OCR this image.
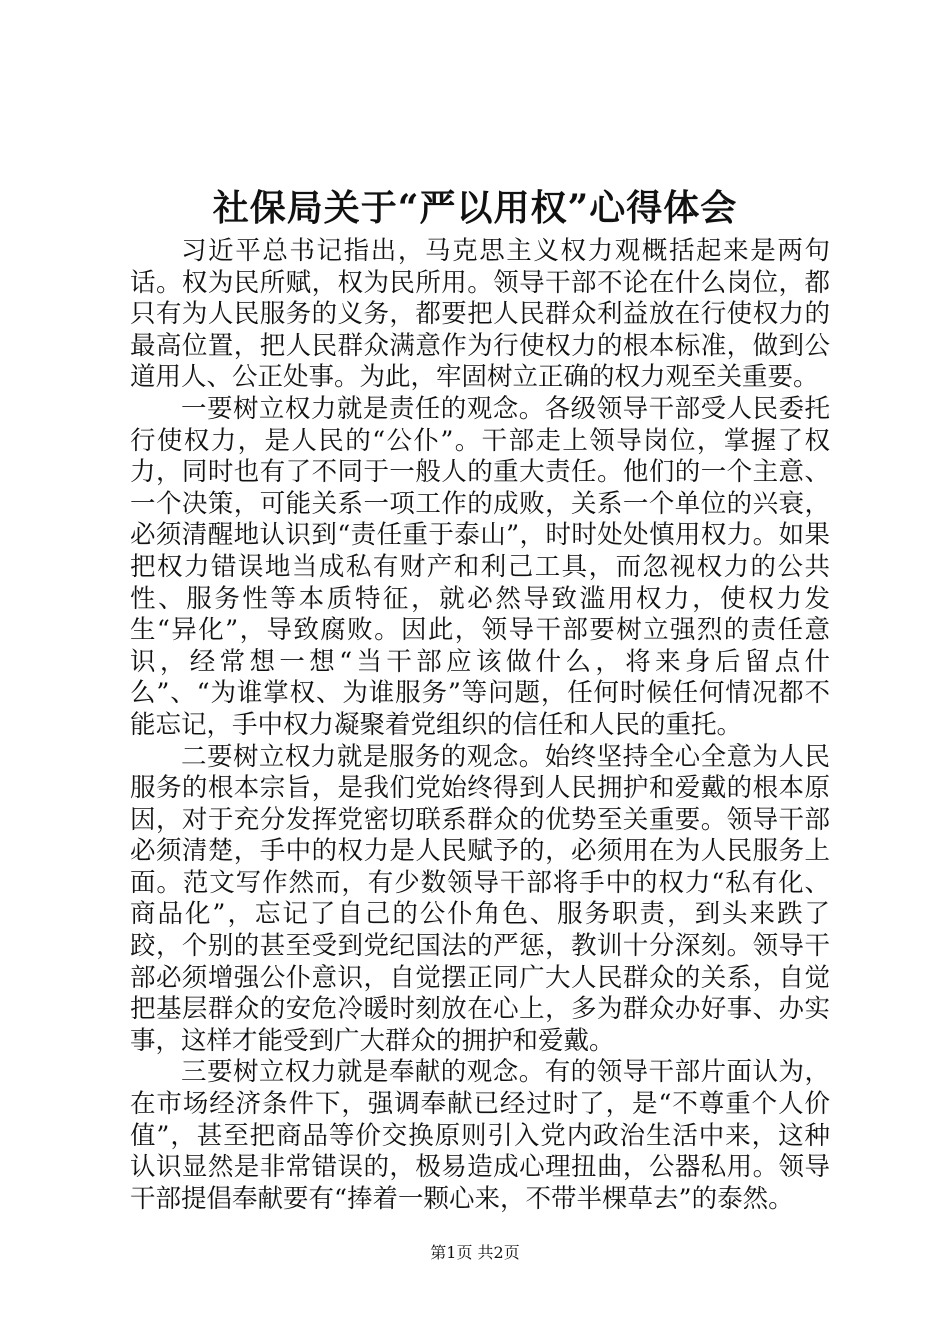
社保局关于“严以用权”心得体会

习近平总书记指出，马克思主义权力观概括起来是两句话。权为民所赋，权为民所用。领导干部不论在什么岗位，都只有为人民服务的义务，都要把人民群众利益放在行使权力的最高位置，把人民群众满意作为行使权力的根本标准，做到公道用人、公正处事。为此，牢固树立正确的权力观至关重要。

一要树立权力就是责任的观念。各级领导干部受人民委托行使权力，是人民的“公仆”。干部走上领导岗位，掌握了权力，同时也有了不同于一般人的重大责任。他们的一个主意、一个决策，可能关系一项工作的成败，关系一个单位的兴衰，必须清醒地认识到“责任重于泰山”，时时处处慎用权力。如果把权力错误地当成私有财产和利己工具，而忽视权力的公共性、服务性等本质特征，就必然导致滥用权力，使权力发生“异化”，导致腐败。因此，领导干部要树立强烈的责任意识，经常想一想“当干部应该做什么，将来身后留点什么”、“为谁掌权、为谁服务”等问题，任何时候任何情况都不能忘记，手中权力凝聚着党组织的信任和人民的重托。

二要树立权力就是服务的观念。始终坚持全心全意为人民服务的根本宗旨，是我们党始终得到人民拥护和爱戴的根本原因，对于充分发挥党密切联系群众的优势至关重要。领导干部必须清楚，手中的权力是人民赋予的，必须用在为人民服务上面。范文写作然而，有少数领导干部将手中的权力“私有化、商品化”，忘记了自己的公仆角色、服务职责，到头来跌了跤，个别的甚至受到党纪国法的严惩，教训十分深刻。领导干部必须增强公仆意识，自觉摆正同广大人民群众的关系，自觉把基层群众的安危冷暖时刻放在心上，多为群众办好事、办实事，这样才能受到广大群众的拥护和爱戴。

三要树立权力就是奉献的观念。有的领导干部片面认为，在市场经济条件下，强调奉献已经过时了，是“不尊重个人价值”，甚至把商品等价交换原则引入党内政治生活中来，这种认识显然是非常错误的，极易造成心理扭曲，公器私用。领导干部提倡奉献要有“捧着一颗心来，不带半棵草去”的泰然。

第1页 共2页
